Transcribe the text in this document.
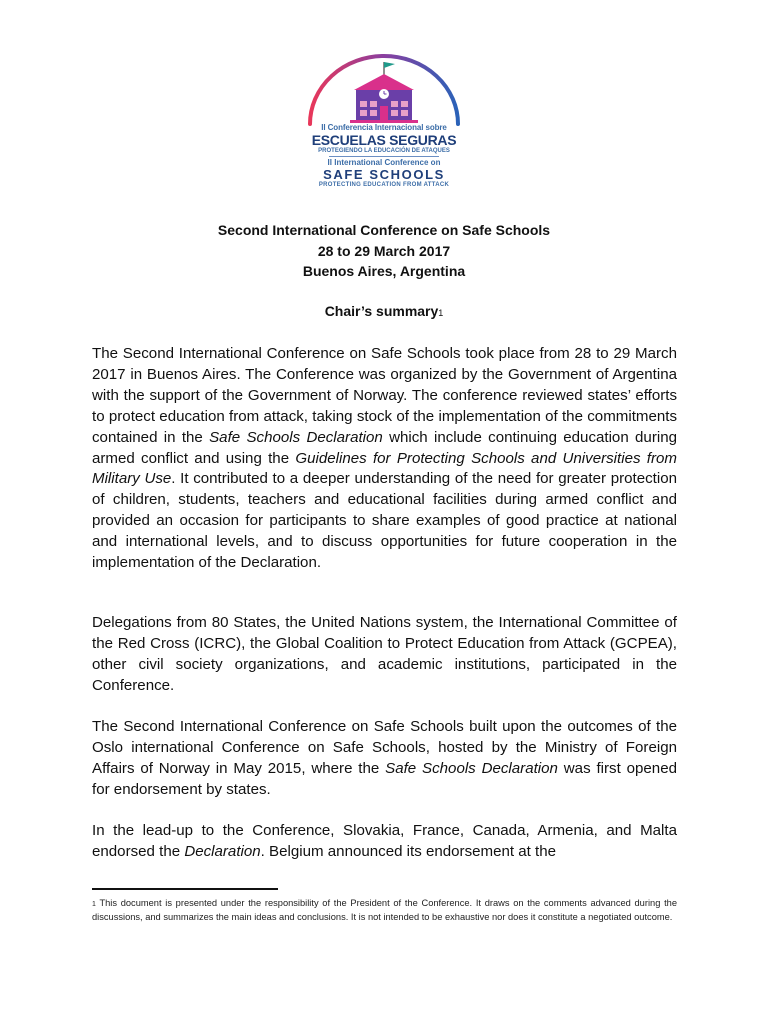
II Conferencia Internacional sobre
ESCUELAS SEGURAS
PROTEGIENDO LA EDUCACIÓN DE ATAQUES
II International Conference on
SAFE SCHOOLS
PROTECTING EDUCATION FROM ATTACK
Second International Conference on Safe Schools
28 to 29 March 2017
Buenos Aires, Argentina
Chair’s summary1

The Second International Conference on Safe Schools took place from 28 to 29 March 2017 in Buenos Aires. The Conference was organized by the Government of Argentina with the support of the Government of Norway. The conference reviewed states’ efforts to protect education from attack, taking stock of the implementation of the commitments contained in the Safe Schools Declaration which include continuing education during armed conflict and using the Guidelines for Protecting Schools and Universities from Military Use. It contributed to a deeper understanding of the need for greater protection of children, students, teachers and educational facilities during armed conflict and provided an occasion for participants to share examples of good practice at national and international levels, and to discuss opportunities for future cooperation in the implementation of the Declaration.

Delegations from 80 States, the United Nations system, the International Committee of the Red Cross (ICRC), the Global Coalition to Protect Education from Attack (GCPEA), other civil society organizations, and academic institutions, participated in the Conference.

The Second International Conference on Safe Schools built upon the outcomes of the Oslo international Conference on Safe Schools, hosted by the Ministry of Foreign Affairs of Norway in May 2015, where the Safe Schools Declaration was first opened for endorsement by states.

In the lead-up to the Conference, Slovakia, France, Canada, Armenia, and Malta endorsed the Declaration. Belgium announced its endorsement at the

1 This document is presented under the responsibility of the President of the Conference. It draws on the comments advanced during the discussions, and summarizes the main ideas and conclusions. It is not intended to be exhaustive nor does it constitute a negotiated outcome.
